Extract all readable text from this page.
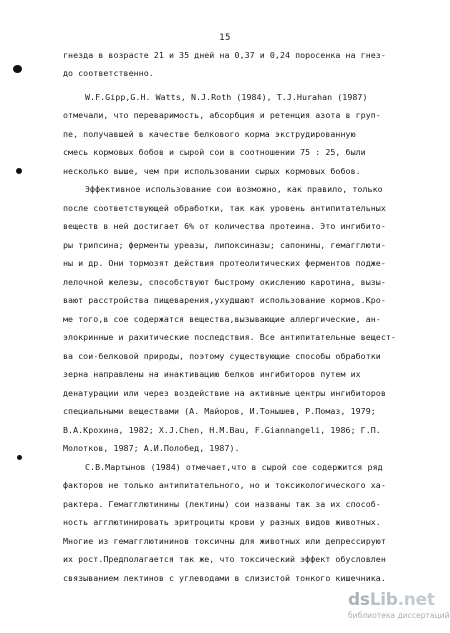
15
гнезда в возрасте 21 и 35 дней на 0,37 и 0,24 поросенка на гнез-
до соответственно.
W.F.Gipp,G.H. Watts, N.J.Roth (1984), T.J.Hurahan (1987)
отмечали, что переваримость, абсорбция и ретенция азота в груп-
пе, получавшей в качестве белкового корма экструдированную
смесь кормовых бобов и сырой сои в соотношении 75 : 25, были
несколько выше, чем при использовании сырых кормовых бобов.
Эффективное использование сои возможно, как правило, только
после соответствующей обработки, так как уровень антипитательных
веществ в ней достигает 6% от количества протеина. Это ингибито-
ры трипсина; ферменты уреазы, липоксиназы; сапонины, гемагглюти-
ны и др. Они тормозят действия протеолитических ферментов подже-
лелочной железы, способствуют быстрому окислению каротина, вызы-
вают расстройства пищеварения,ухудшают использование кормов.Кро-
ме того,в сое содержатся вещества,вызывающие аллергические, ан-
элокринные и рахитические последствия. Все антипитательные вещест-
ва сои-белковой природы, поэтому существующие способы обработки
зерна направлены на инактивацию белков ингибиторов путем их
денатурации или через воздействие на активные центры ингибиторов
специальными веществами (А. Майоров, И.Тонышев, Р.Помаз, 1979;
В.А.Крохина, 1982; X.J.Chen, H.M.Bau, F.Giannangeli, 1986; Г.П.
Молотков, 1987; А.И.Полобед, 1987).
С.В.Мартынов (1984) отмечает,что в сырой сое содержится ряд
факторов не только антипитательного, но и токсикологического ха-
рактера. Гемагглютинины (лектины) сои названы так за их способ-
ность агглютинировать эритроциты крови у разных видов животных.
Многие из гемагглютининов токсичны для животных или депрессируют
их рост.Предполагается так же, что токсический эффект обусловлен
связыванием лектинов с углеводами в слизистой тонкого кишечника.
dsLib.net
библиотека диссертаций
